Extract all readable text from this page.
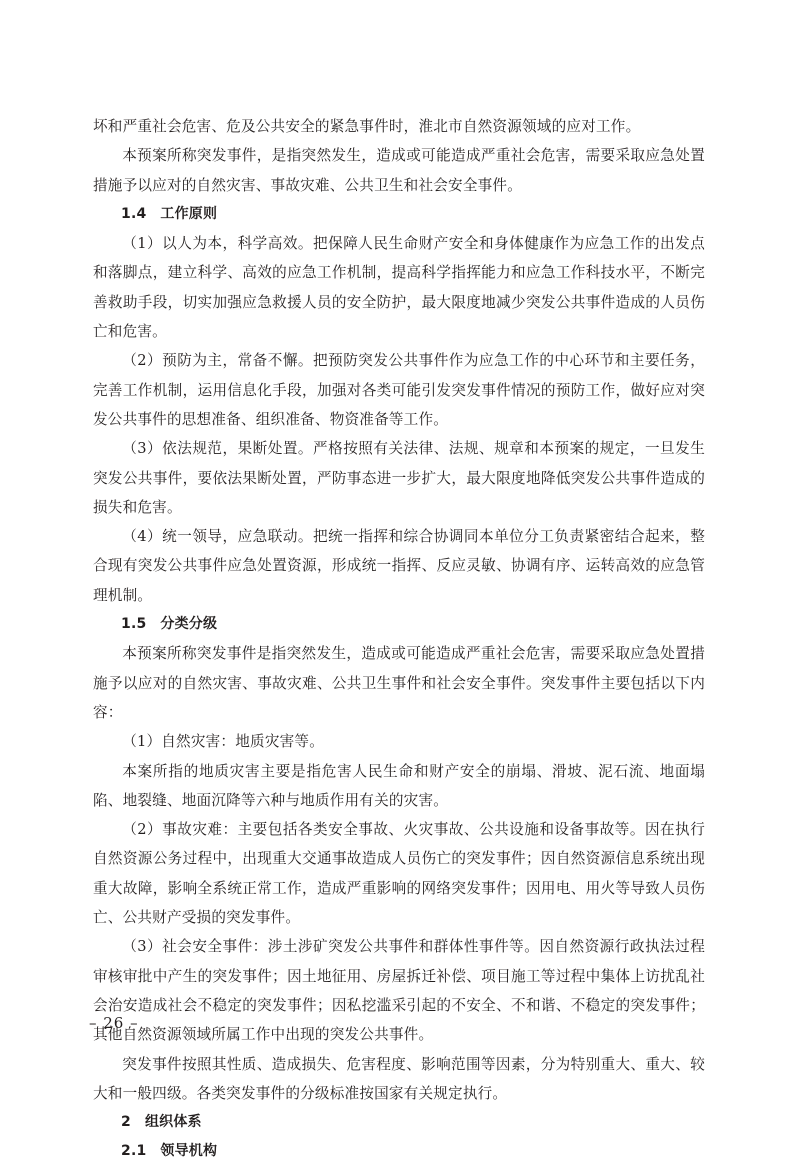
坏和严重社会危害、危及公共安全的紧急事件时，淮北市自然资源领域的应对工作。

本预案所称突发事件，是指突然发生，造成或可能造成严重社会危害，需要采取应急处置措施予以应对的自然灾害、事故灾难、公共卫生和社会安全事件。

1.4 工作原则

（1）以人为本，科学高效。把保障人民生命财产安全和身体健康作为应急工作的出发点和落脚点，建立科学、高效的应急工作机制，提高科学指挥能力和应急工作科技水平，不断完善救助手段，切实加强应急救援人员的安全防护，最大限度地减少突发公共事件造成的人员伤亡和危害。

（2）预防为主，常备不懈。把预防突发公共事件作为应急工作的中心环节和主要任务，完善工作机制，运用信息化手段，加强对各类可能引发突发事件情况的预防工作，做好应对突发公共事件的思想准备、组织准备、物资准备等工作。

（3）依法规范，果断处置。严格按照有关法律、法规、规章和本预案的规定，一旦发生突发公共事件，要依法果断处置，严防事态进一步扩大，最大限度地降低突发公共事件造成的损失和危害。

（4）统一领导，应急联动。把统一指挥和综合协调同本单位分工负责紧密结合起来，整合现有突发公共事件应急处置资源，形成统一指挥、反应灵敏、协调有序、运转高效的应急管理机制。

1.5 分类分级

本预案所称突发事件是指突然发生，造成或可能造成严重社会危害，需要采取应急处置措施予以应对的自然灾害、事故灾难、公共卫生事件和社会安全事件。突发事件主要包括以下内容：

（1）自然灾害：地质灾害等。

本案所指的地质灾害主要是指危害人民生命和财产安全的崩塌、滑坡、泥石流、地面塌陷、地裂缝、地面沉降等六种与地质作用有关的灾害。

（2）事故灾难：主要包括各类安全事故、火灾事故、公共设施和设备事故等。因在执行自然资源公务过程中，出现重大交通事故造成人员伤亡的突发事件；因自然资源信息系统出现重大故障，影响全系统正常工作，造成严重影响的网络突发事件；因用电、用火等导致人员伤亡、公共财产受损的突发事件。

（3）社会安全事件：涉土涉矿突发公共事件和群体性事件等。因自然资源行政执法过程审核审批中产生的突发事件；因土地征用、房屋拆迁补偿、项目施工等过程中集体上访扰乱社会治安造成社会不稳定的突发事件；因私挖滥采引起的不安全、不和谐、不稳定的突发事件；其他自然资源领域所属工作中出现的突发公共事件。

突发事件按照其性质、造成损失、危害程度、影响范围等因素，分为特别重大、重大、较大和一般四级。各类突发事件的分级标准按国家有关规定执行。

2 组织体系

2.1 领导机构

– 26 –
